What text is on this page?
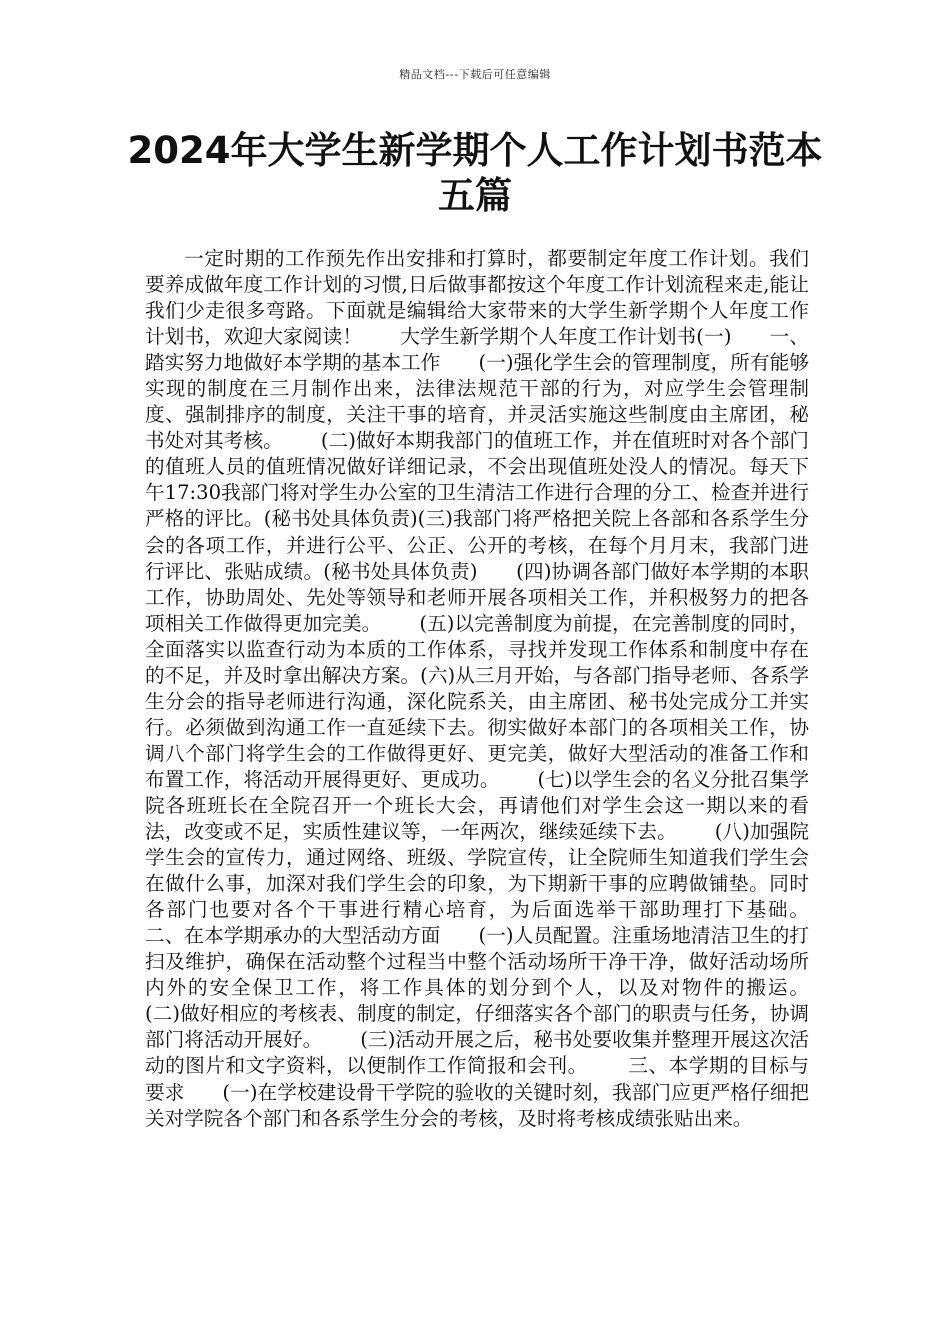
精品文档---下载后可任意编辑
2024年大学生新学期个人工作计划书范本五篇
一定时期的工作预先作出安排和打算时，都要制定年度工作计划。我们要养成做年度工作计划的习惯,日后做事都按这个年度工作计划流程来走,能让我们少走很多弯路。下面就是编辑给大家带来的大学生新学期个人年度工作计划书，欢迎大家阅读！      大学生新学期个人年度工作计划书(一)      一、踏实努力地做好本学期的基本工作      (一)强化学生会的管理制度，所有能够实现的制度在三月制作出来，法律法规范干部的行为，对应学生会管理制度、强制排序的制度，关注干事的培育，并灵活实施这些制度由主席团，秘书处对其考核。      (二)做好本期我部门的值班工作，并在值班时对各个部门的值班人员的值班情况做好详细记录，不会出现值班处没人的情况。每天下午17:30我部门将对学生办公室的卫生清洁工作进行合理的分工、检查并进行严格的评比。(秘书处具体负责)(三)我部门将严格把关院上各部和各系学生分会的各项工作，并进行公平、公正、公开的考核，在每个月月末，我部门进行评比、张贴成绩。(秘书处具体负责)      (四)协调各部门做好本学期的本职工作，协助周处、先处等领导和老师开展各项相关工作，并积极努力的把各项相关工作做得更加完美。      (五)以完善制度为前提，在完善制度的同时，全面落实以监查行动为本质的工作体系，寻找并发现工作体系和制度中存在的不足，并及时拿出解决方案。(六)从三月开始，与各部门指导老师、各系学生分会的指导老师进行沟通，深化院系关，由主席团、秘书处完成分工并实行。必须做到沟通工作一直延续下去。彻实做好本部门的各项相关工作，协调八个部门将学生会的工作做得更好、更完美，做好大型活动的准备工作和布置工作，将活动开展得更好、更成功。      (七)以学生会的名义分批召集学院各班班长在全院召开一个班长大会，再请他们对学生会这一期以来的看法，改变或不足，实质性建议等，一年两次，继续延续下去。      (八)加强院学生会的宣传力，通过网络、班级、学院宣传，让全院师生知道我们学生会在做什么事，加深对我们学生会的印象，为下期新干事的应聘做铺垫。同时各部门也要对各个干事进行精心培育，为后面选举干部助理打下基础。      二、在本学期承办的大型活动方面      (一)人员配置。注重场地清洁卫生的打扫及维护，确保在活动整个过程当中整个活动场所干净干净，做好活动场所内外的安全保卫工作，将工作具体的划分到个人，以及对物件的搬运。      (二)做好相应的考核表、制度的制定，仔细落实各个部门的职责与任务，协调部门将活动开展好。      (三)活动开展之后，秘书处要收集并整理开展这次活动的图片和文字资料，以便制作工作简报和会刊。      三、本学期的目标与要求      (一)在学校建设骨干学院的验收的关键时刻，我部门应更严格仔细把关对学院各个部门和各系学生分会的考核，及时将考核成绩张贴出来。
